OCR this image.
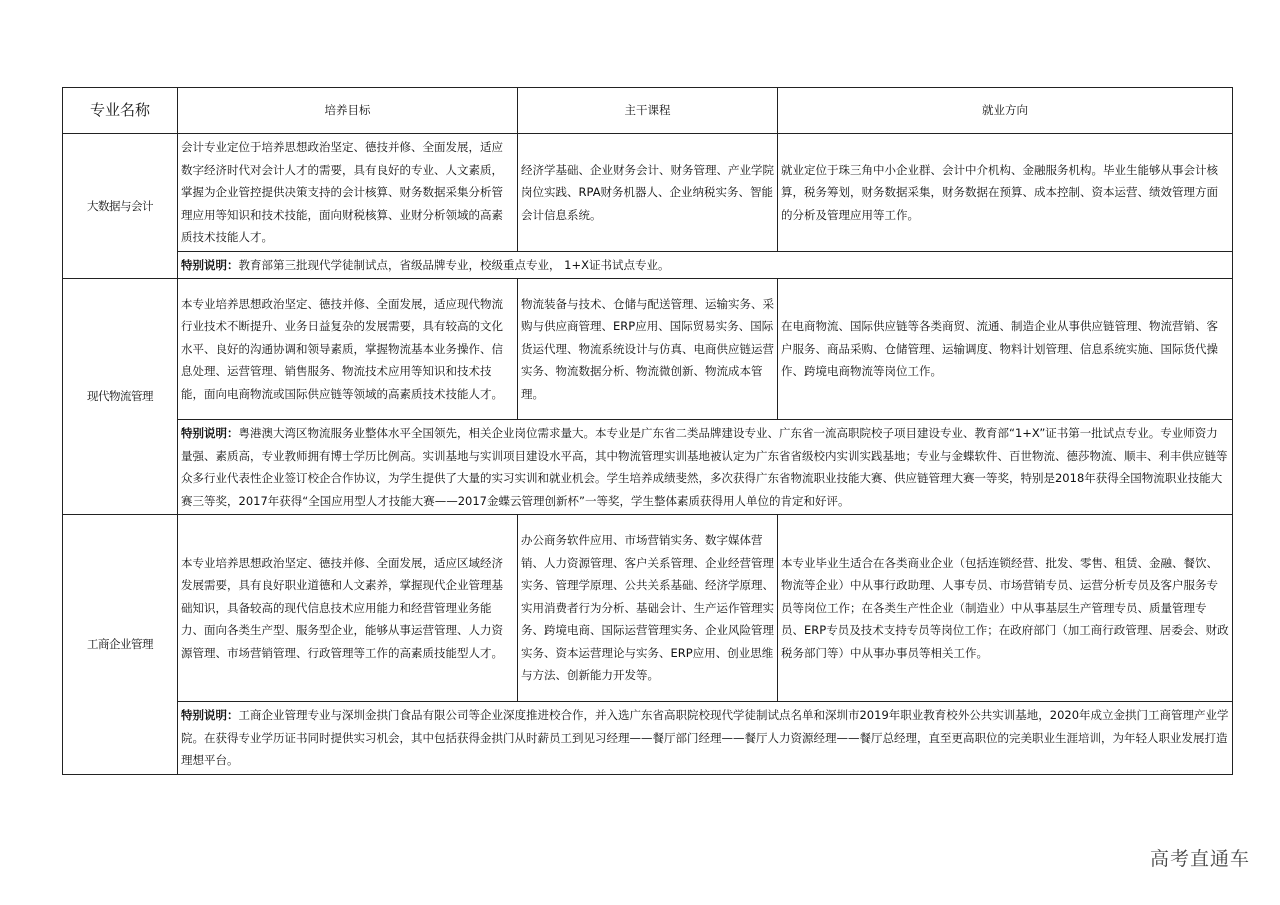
专业名称	培养目标	主干课程	就业方向
大数据与会计	会计专业定位于培养思想政治坚定、德技并修、全面发展，适应数字经济时代对会计人才的需要，具有良好的专业、人文素质，掌握为企业管控提供决策支持的会计核算、财务数据采集分析管理应用等知识和技术技能，面向财税核算、业财分析领域的高素质技术技能人才。	经济学基础、企业财务会计、财务管理、产业学院岗位实践、RPA财务机器人、企业纳税实务、智能会计信息系统。	就业定位于珠三角中小企业群、会计中介机构、金融服务机构。毕业生能够从事会计核算，税务筹划，财务数据采集，财务数据在预算、成本控制、资本运营、绩效管理方面的分析及管理应用等工作。
	特别说明：教育部第三批现代学徒制试点，省级品牌专业，校级重点专业， 1+X证书试点专业。		
现代物流管理	本专业培养思想政治坚定、德技并修、全面发展，适应现代物流行业技术不断提升、业务日益复杂的发展需要，具有较高的文化水平、良好的沟通协调和领导素质，掌握物流基本业务操作、信息处理、运营管理、销售服务、物流技术应用等知识和技术技能，面向电商物流或国际供应链等领域的高素质技术技能人才。	物流装备与技术、仓储与配送管理、运输实务、采购与供应商管理、ERP应用、国际贸易实务、国际货运代理、物流系统设计与仿真、电商供应链运营实务、物流数据分析、物流微创新、物流成本管理。	在电商物流、国际供应链等各类商贸、流通、制造企业从事供应链管理、物流营销、客户服务、商品采购、仓储管理、运输调度、物料计划管理、信息系统实施、国际货代操作、跨境电商物流等岗位工作。
	特别说明：粤港澳大湾区物流服务业整体水平全国领先，相关企业岗位需求量大。本专业是广东省二类品牌建设专业、广东省一流高职院校子项目建设专业、教育部“1+X”证书第一批试点专业。专业师资力量强、素质高，专业教师拥有博士学历比例高。实训基地与实训项目建设水平高，其中物流管理实训基地被认定为广东省省级校内实训实践基地；专业与金蝶软件、百世物流、德莎物流、顺丰、利丰供应链等众多行业代表性企业签订校企合作协议，为学生提供了大量的实习实训和就业机会。学生培养成绩斐然，多次获得广东省物流职业技能大赛、供应链管理大赛一等奖，特别是2018年获得全国物流职业技能大赛三等奖，2017年获得“全国应用型人才技能大赛——2017金蝶云管理创新杯”一等奖，学生整体素质获得用人单位的肯定和好评。		
工商企业管理	本专业培养思想政治坚定、德技并修、全面发展，适应区域经济发展需要，具有良好职业道德和人文素养，掌握现代企业管理基础知识，具备较高的现代信息技术应用能力和经营管理业务能力、面向各类生产型、服务型企业，能够从事运营管理、人力资源管理、市场营销管理、行政管理等工作的高素质技能型人才。	办公商务软件应用、市场营销实务、数字媒体营销、人力资源管理、客户关系管理、企业经营管理实务、管理学原理、公共关系基础、经济学原理、实用消费者行为分析、基础会计、生产运作管理实务、跨境电商、国际运营管理实务、企业风险管理实务、资本运营理论与实务、ERP应用、创业思维与方法、创新能力开发等。	本专业毕业生适合在各类商业企业（包括连锁经营、批发、零售、租赁、金融、餐饮、物流等企业）中从事行政助理、人事专员、市场营销专员、运营分析专员及客户服务专员等岗位工作；在各类生产性企业（制造业）中从事基层生产管理专员、质量管理专员、ERP专员及技术支持专员等岗位工作；在政府部门（加工商行政管理、居委会、财政税务部门等）中从事办事员等相关工作。
	特别说明：工商企业管理专业与深圳金拱门食品有限公司等企业深度推进校合作，并入选广东省高职院校现代学徒制试点名单和深圳市2019年职业教育校外公共实训基地，2020年成立金拱门工商管理产业学院。在获得专业学历证书同时提供实习机会，其中包括获得金拱门从时薪员工到见习经理——餐厅部门经理——餐厅人力资源经理——餐厅总经理，直至更高职位的完美职业生涯培训，为年轻人职业发展打造理想平台。		
高考直通车
